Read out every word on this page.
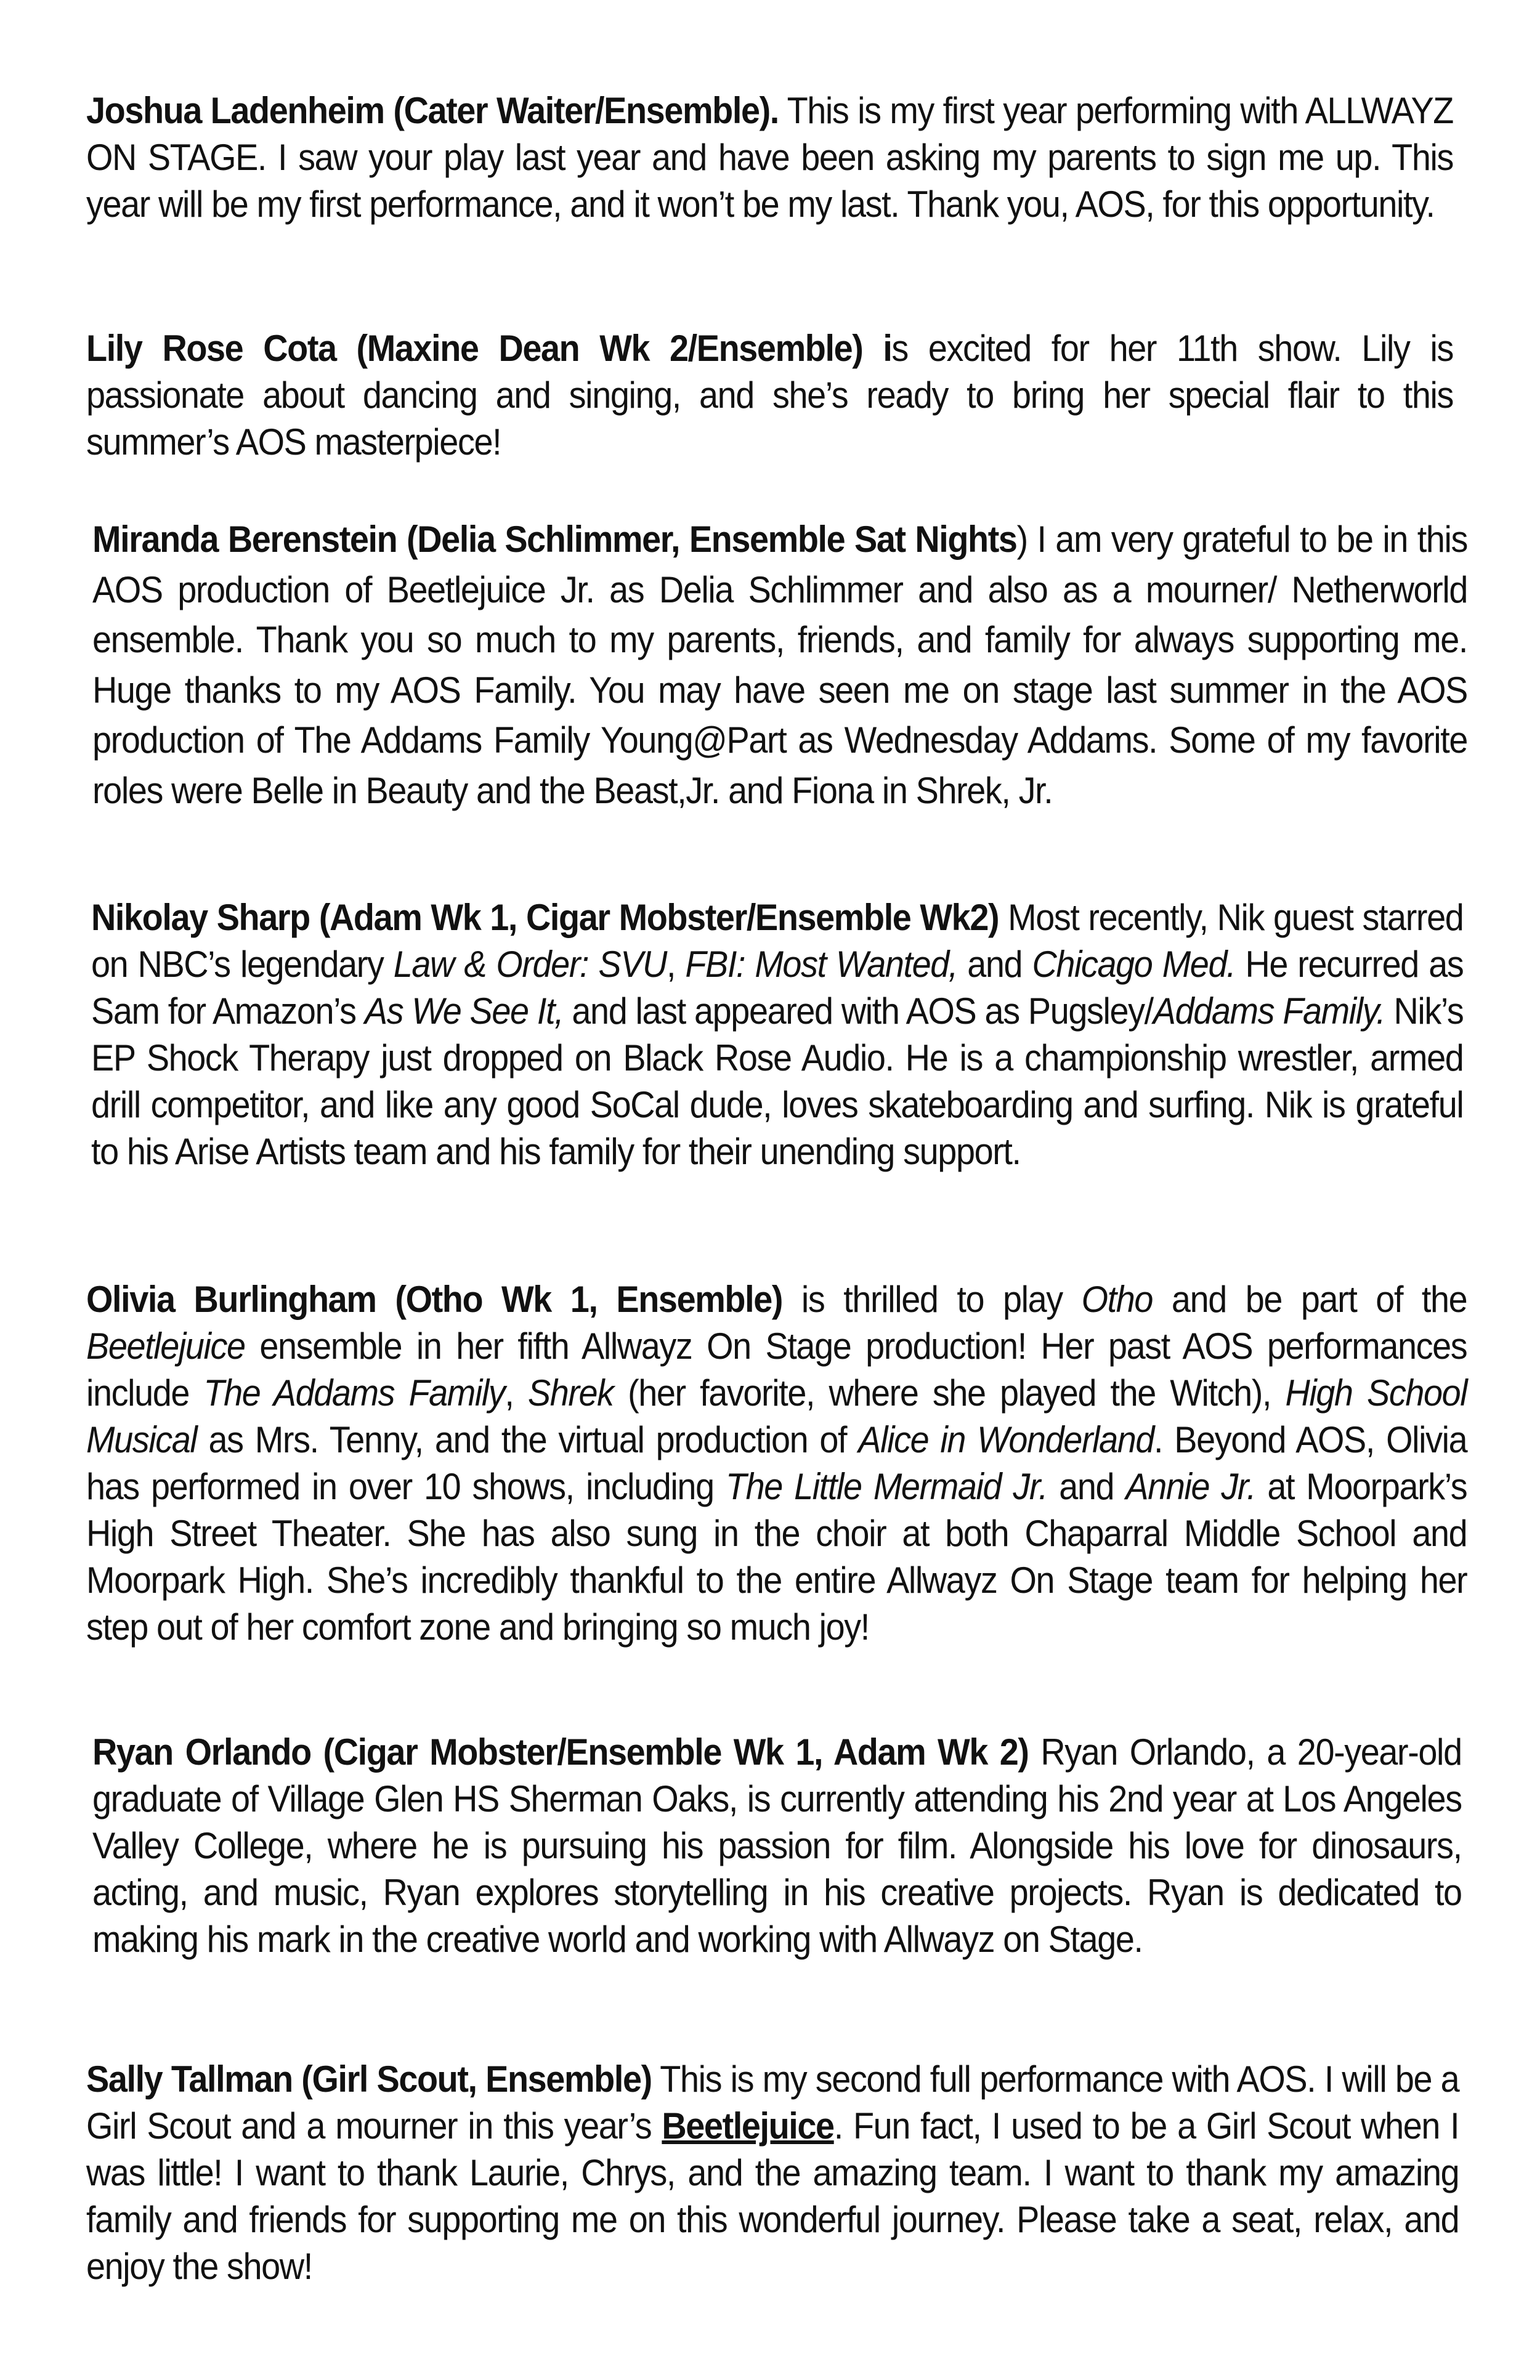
Joshua Ladenheim (Cater Waiter/Ensemble). This is my first year performing with ALLWAYZ ON STAGE. I saw your play last year and have been asking my parents to sign me up. This year will be my first performance, and it won’t be my last. Thank you, AOS, for this opportunity.

Lily Rose Cota (Maxine Dean Wk 2/Ensemble) is excited for her 11th show. Lily is passionate about dancing and singing, and she’s ready to bring her special flair to this summer’s AOS masterpiece!

Miranda Berenstein (Delia Schlimmer, Ensemble Sat Nights) I am very grateful to be in this AOS production of Beetlejuice Jr. as Delia Schlimmer and also as a mourner/ Netherworld ensemble. Thank you so much to my parents, friends, and family for always supporting me. Huge thanks to my AOS Family. You may have seen me on stage last summer in the AOS production of The Addams Family Young@Part as Wednesday Addams. Some of my favorite roles were Belle in Beauty and the Beast,Jr. and Fiona in Shrek, Jr.

Nikolay Sharp (Adam Wk 1, Cigar Mobster/Ensemble Wk2) Most recently, Nik guest starred on NBC’s legendary Law & Order: SVU, FBI: Most Wanted, and Chicago Med. He recurred as Sam for Amazon’s As We See It, and last appeared with AOS as Pugsley/Addams Family. Nik’s EP Shock Therapy just dropped on Black Rose Audio. He is a championship wrestler, armed drill competitor, and like any good SoCal dude, loves skateboarding and surfing. Nik is grateful to his Arise Artists team and his family for their unending support.

Olivia Burlingham (Otho Wk 1, Ensemble) is thrilled to play Otho and be part of the Beetlejuice ensemble in her fifth Allwayz On Stage production! Her past AOS performances include The Addams Family, Shrek (her favorite, where she played the Witch), High School Musical as Mrs. Tenny, and the virtual production of Alice in Wonderland. Beyond AOS, Olivia has performed in over 10 shows, including The Little Mermaid Jr. and Annie Jr. at Moorpark’s High Street Theater. She has also sung in the choir at both Chaparral Middle School and Moorpark High. She’s incredibly thankful to the entire Allwayz On Stage team for helping her step out of her comfort zone and bringing so much joy!

Ryan Orlando (Cigar Mobster/Ensemble Wk 1, Adam Wk 2) Ryan Orlando, a 20-year-old graduate of Village Glen HS Sherman Oaks, is currently attending his 2nd year at Los Angeles Valley College, where he is pursuing his passion for film. Alongside his love for dinosaurs, acting, and music, Ryan explores storytelling in his creative projects. Ryan is dedicated to making his mark in the creative world and working with Allwayz on Stage.

Sally Tallman (Girl Scout, Ensemble) This is my second full performance with AOS. I will be a Girl Scout and a mourner in this year’s Beetlejuice. Fun fact, I used to be a Girl Scout when I was little! I want to thank Laurie, Chrys, and the amazing team. I want to thank my amazing family and friends for supporting me on this wonderful journey. Please take a seat, relax, and enjoy the show!
